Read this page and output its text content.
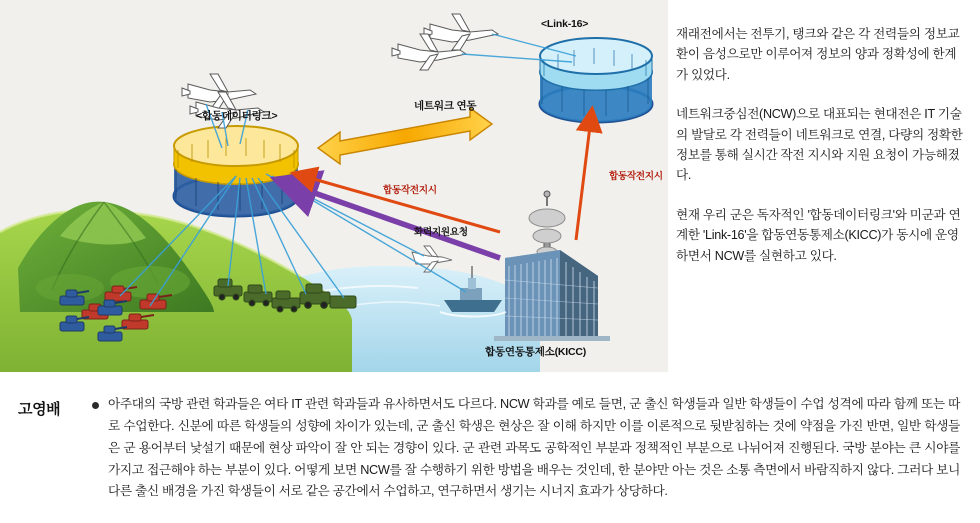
<Link-16>
<합동데이터링크>
네트워크 연동
합동작전지시
합동작전지시
화력지원요청
합동연동통제소(KICC)

재래전에서는 전투기, 탱크와 같은 각 전력들의 정보교환이 음성으로만 이루어져 정보의 양과 정확성에 한계가 있었다.

네트워크중심전(NCW)으로 대표되는 현대전은 IT 기술의 발달로 각 전력들이 네트워크로 연결, 다량의 정확한 정보를 통해 실시간 작전 지시와 지원 요청이 가능해졌다.

현재 우리 군은 독자적인 '합동데이터링크'와 미군과 연계한 'Link-16'을 합동연동통제소(KICC)가 동시에 운영하면서 NCW를 실현하고 있다.

고영배	아주대의 국방 관련 학과들은 여타 IT 관련 학과들과 유사하면서도 다르다. NCW 학과를 예로 들면, 군 출신 학생들과 일반 학생들이 수업 성격에 따라 함께 또는 따로 수업한다. 신분에 따른 학생들의 성향에 차이가 있는데, 군 출신 학생은 현상은 잘 이해 하지만 이를 이론적으로 뒷받침하는 것에 약점을 가진 반면, 일반 학생들은 군 용어부터 낯설기 때문에 현상 파악이 잘 안 되는 경향이 있다. 군 관련 과목도 공학적인 부분과 정책적인 부분으로 나뉘어져 진행된다. 국방 분야는 큰 시야를 가지고 접근해야 하는 부분이 있다. 어떻게 보면 NCW를 잘 수행하기 위한 방법을 배우는 것인데, 한 분야만 아는 것은 소통 측면에서 바람직하지 않다. 그러다 보니 다른 출신 배경을 가진 학생들이 서로 같은 공간에서 수업하고, 연구하면서 생기는 시너지 효과가 상당하다.
